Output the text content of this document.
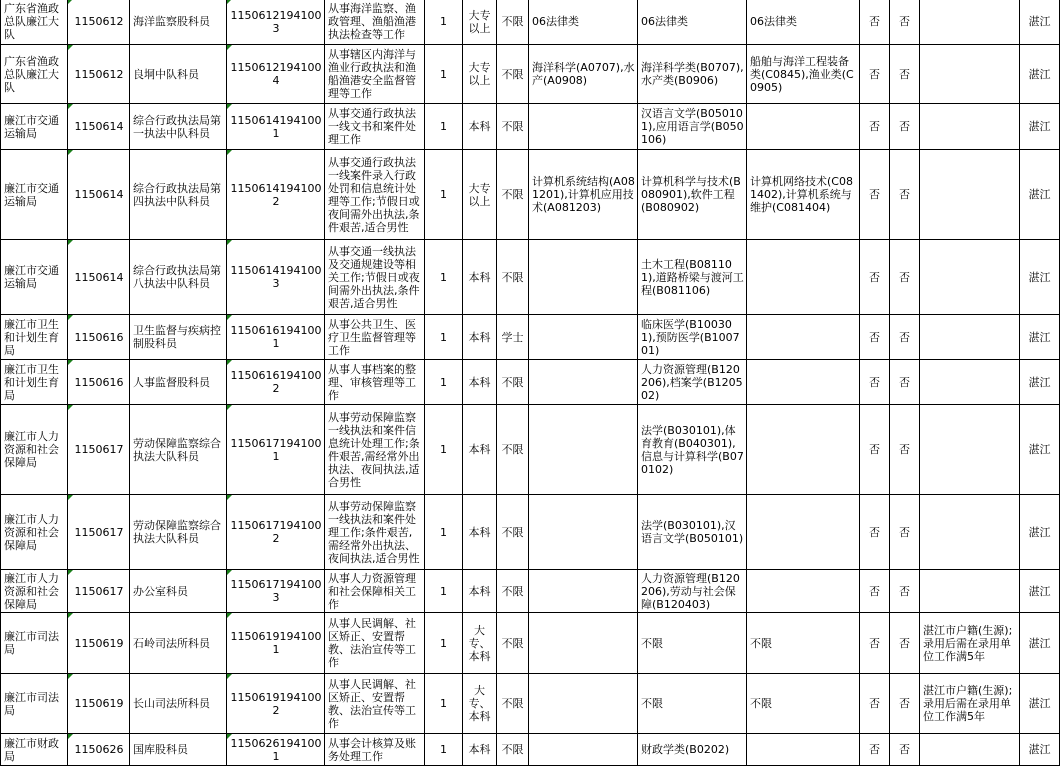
广东省渔政总队廉江大队	1150612	海洋监察股科员	11506121941003	从事海洋监察、渔政管理、渔船渔港执法检查等工作	1	大专以上	不限	06法律类	06法律类	06法律类	否	否		湛江
广东省渔政总队廉江大队	1150612	良垌中队科员	11506121941004	从事辖区内海洋与渔业行政执法和渔船渔港安全监督管理等工作	1	大专以上	不限	海洋科学(A0707),水产(A0908)	海洋科学类(B0707),水产类(B0906)	船舶与海洋工程装备类(C0845),渔业类(C0905)	否	否		湛江
廉江市交通运输局	1150614	综合行政执法局第一执法中队科员	11506141941001	从事交通行政执法一线文书和案件处理工作	1	本科	不限		汉语言文学(B050101),应用语言学(B050106)		否	否		湛江
廉江市交通运输局	1150614	综合行政执法局第四执法中队科员	11506141941002	从事交通行政执法一线案件录入行政处罚和信息统计处理等工作;节假日或夜间需外出执法,条件艰苦,适合男性	1	大专以上	不限	计算机系统结构(A081201),计算机应用技术(A081203)	计算机科学与技术(B080901),软件工程(B080902)	计算机网络技术(C081402),计算机系统与维护(C081404)	否	否		湛江
廉江市交通运输局	1150614	综合行政执法局第八执法中队科员	11506141941003	从事交通一线执法及交通规建设等相关工作;节假日或夜间需外出执法,条件艰苦,适合男性	1	本科	不限		土木工程(B081101),道路桥梁与渡河工程(B081106)		否	否		湛江
廉江市卫生和计划生育局	1150616	卫生监督与疾病控制股科员	11506161941001	从事公共卫生、医疗卫生监督管理等工作	1	本科	学士		临床医学(B100301),预防医学(B100701)		否	否		湛江
廉江市卫生和计划生育局	1150616	人事监督股科员	11506161941002	从事人事档案的整理、审核管理等工作	1	本科	不限		人力资源管理(B120206),档案学(B120502)		否	否		湛江
廉江市人力资源和社会保障局	1150617	劳动保障监察综合执法大队科员	11506171941001	从事劳动保障监察一线执法和案件信息统计处理工作;条件艰苦,需经常外出执法、夜间执法,适合男性	1	本科	不限		法学(B030101),体育教育(B040301),信息与计算科学(B070102)		否	否		湛江
廉江市人力资源和社会保障局	1150617	劳动保障监察综合执法大队科员	11506171941002	从事劳动保障监察一线执法和案件处理工作;条件艰苦,需经常外出执法、夜间执法,适合男性	1	本科	不限		法学(B030101),汉语言文学(B050101)		否	否		湛江
廉江市人力资源和社会保障局	1150617	办公室科员	11506171941003	从事人力资源管理和社会保障相关工作	1	本科	不限		人力资源管理(B120206),劳动与社会保障(B120403)		否	否		湛江
廉江市司法局	1150619	石岭司法所科员	11506191941001	从事人民调解、社区矫正、安置帮教、法治宣传等工作	1	大专、本科	不限		不限	不限	否	否	湛江市户籍(生源);录用后需在录用单位工作满5年	湛江
廉江市司法局	1150619	长山司法所科员	11506191941002	从事人民调解、社区矫正、安置帮教、法治宣传等工作	1	大专、本科	不限		不限	不限	否	否	湛江市户籍(生源);录用后需在录用单位工作满5年	湛江
廉江市财政局	1150626	国库股科员	11506261941001	从事会计核算及账务处理工作	1	本科	不限		财政学类(B0202)		否	否		湛江
